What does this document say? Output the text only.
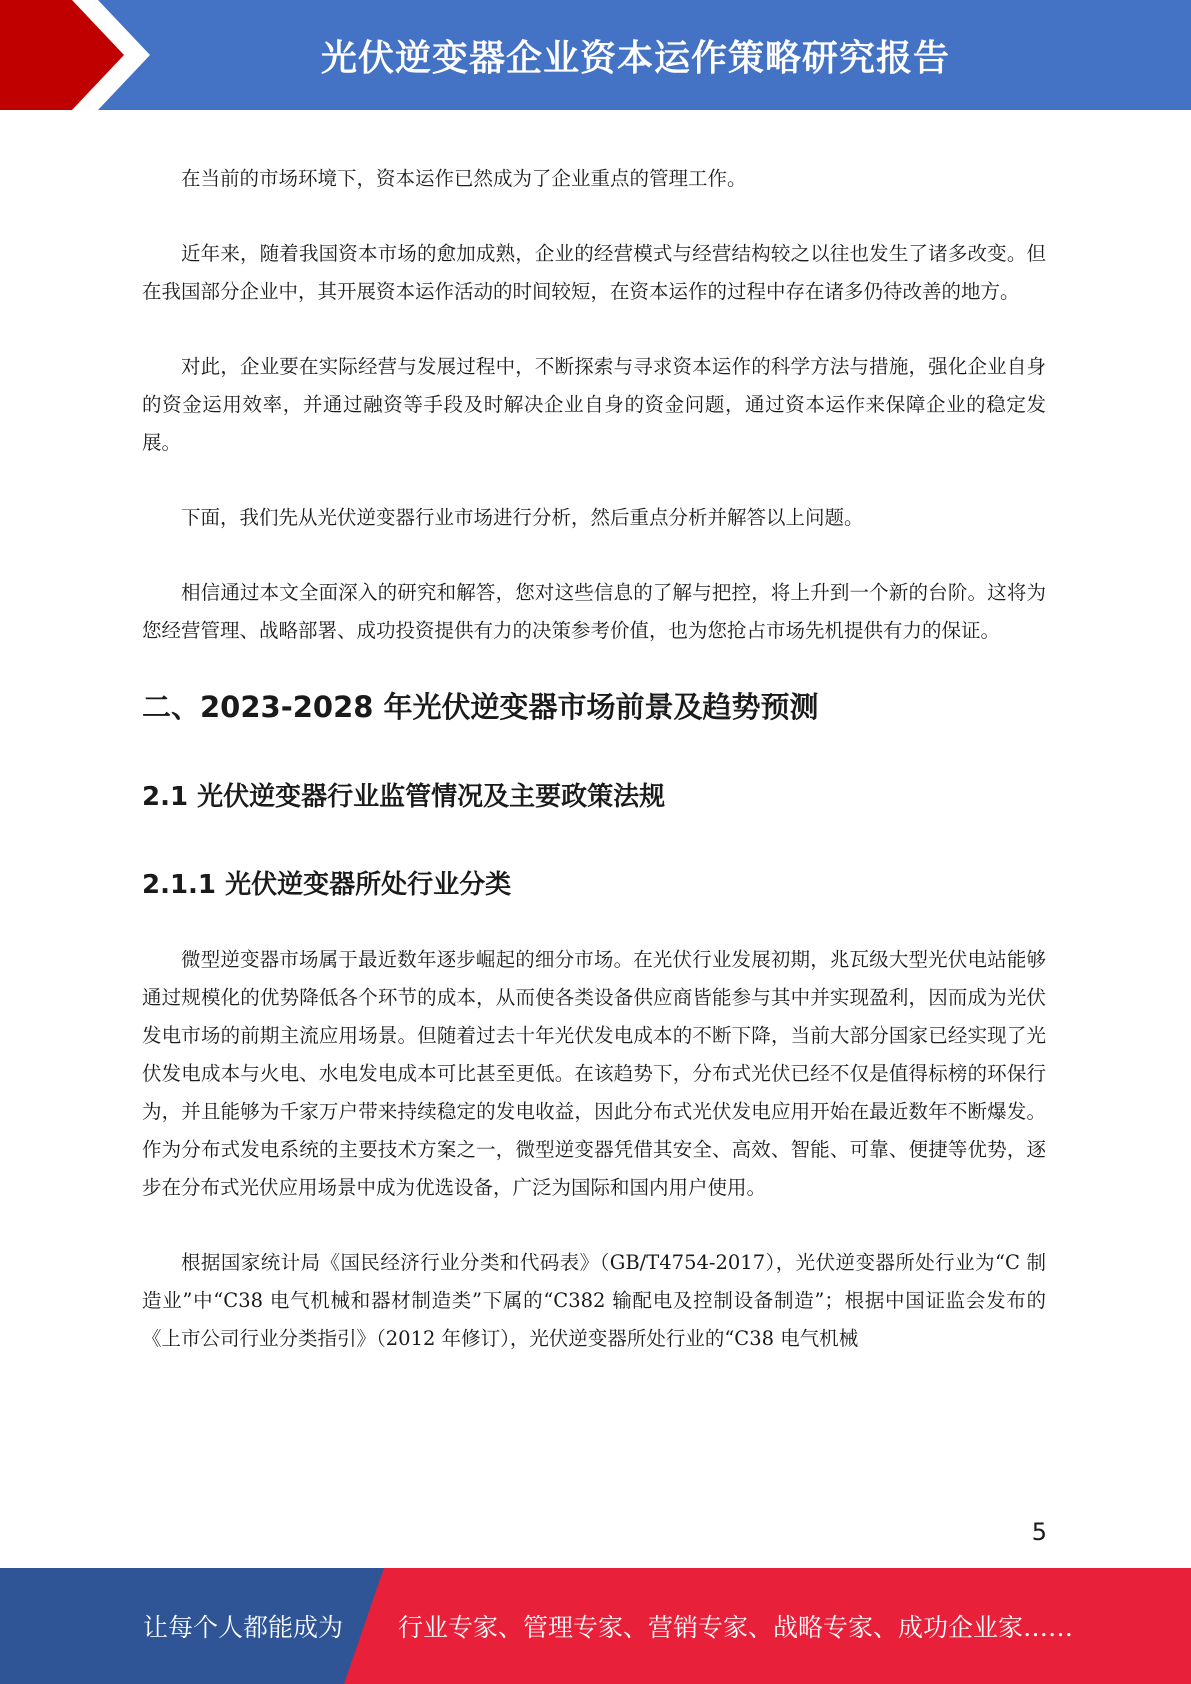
光伏逆变器企业资本运作策略研究报告

在当前的市场环境下，资本运作已然成为了企业重点的管理工作。

近年来，随着我国资本市场的愈加成熟，企业的经营模式与经营结构较之以往也发生了诸多改变。但在我国部分企业中，其开展资本运作活动的时间较短，在资本运作的过程中存在诸多仍待改善的地方。

对此，企业要在实际经营与发展过程中，不断探索与寻求资本运作的科学方法与措施，强化企业自身的资金运用效率，并通过融资等手段及时解决企业自身的资金问题，通过资本运作来保障企业的稳定发展。

下面，我们先从光伏逆变器行业市场进行分析，然后重点分析并解答以上问题。

相信通过本文全面深入的研究和解答，您对这些信息的了解与把控，将上升到一个新的台阶。这将为您经营管理、战略部署、成功投资提供有力的决策参考价值，也为您抢占市场先机提供有力的保证。

二、2023-2028 年光伏逆变器市场前景及趋势预测
2.1 光伏逆变器行业监管情况及主要政策法规
2.1.1 光伏逆变器所处行业分类

微型逆变器市场属于最近数年逐步崛起的细分市场。在光伏行业发展初期，兆瓦级大型光伏电站能够通过规模化的优势降低各个环节的成本，从而使各类设备供应商皆能参与其中并实现盈利，因而成为光伏发电市场的前期主流应用场景。但随着过去十年光伏发电成本的不断下降，当前大部分国家已经实现了光伏发电成本与火电、水电发电成本可比甚至更低。在该趋势下，分布式光伏已经不仅是值得标榜的环保行为，并且能够为千家万户带来持续稳定的发电收益，因此分布式光伏发电应用开始在最近数年不断爆发。作为分布式发电系统的主要技术方案之一，微型逆变器凭借其安全、高效、智能、可靠、便捷等优势，逐步在分布式光伏应用场景中成为优选设备，广泛为国际和国内用户使用。

根据国家统计局《国民经济行业分类和代码表》（GB/T4754-2017），光伏逆变器所处行业为“C 制造业”中“C38 电气机械和器材制造类”下属的“C382 输配电及控制设备制造”；根据中国证监会发布的《上市公司行业分类指引》（2012 年修订），光伏逆变器所处行业的“C38 电气机械

5
让每个人都能成为 行业专家、管理专家、营销专家、战略专家、成功企业家……
